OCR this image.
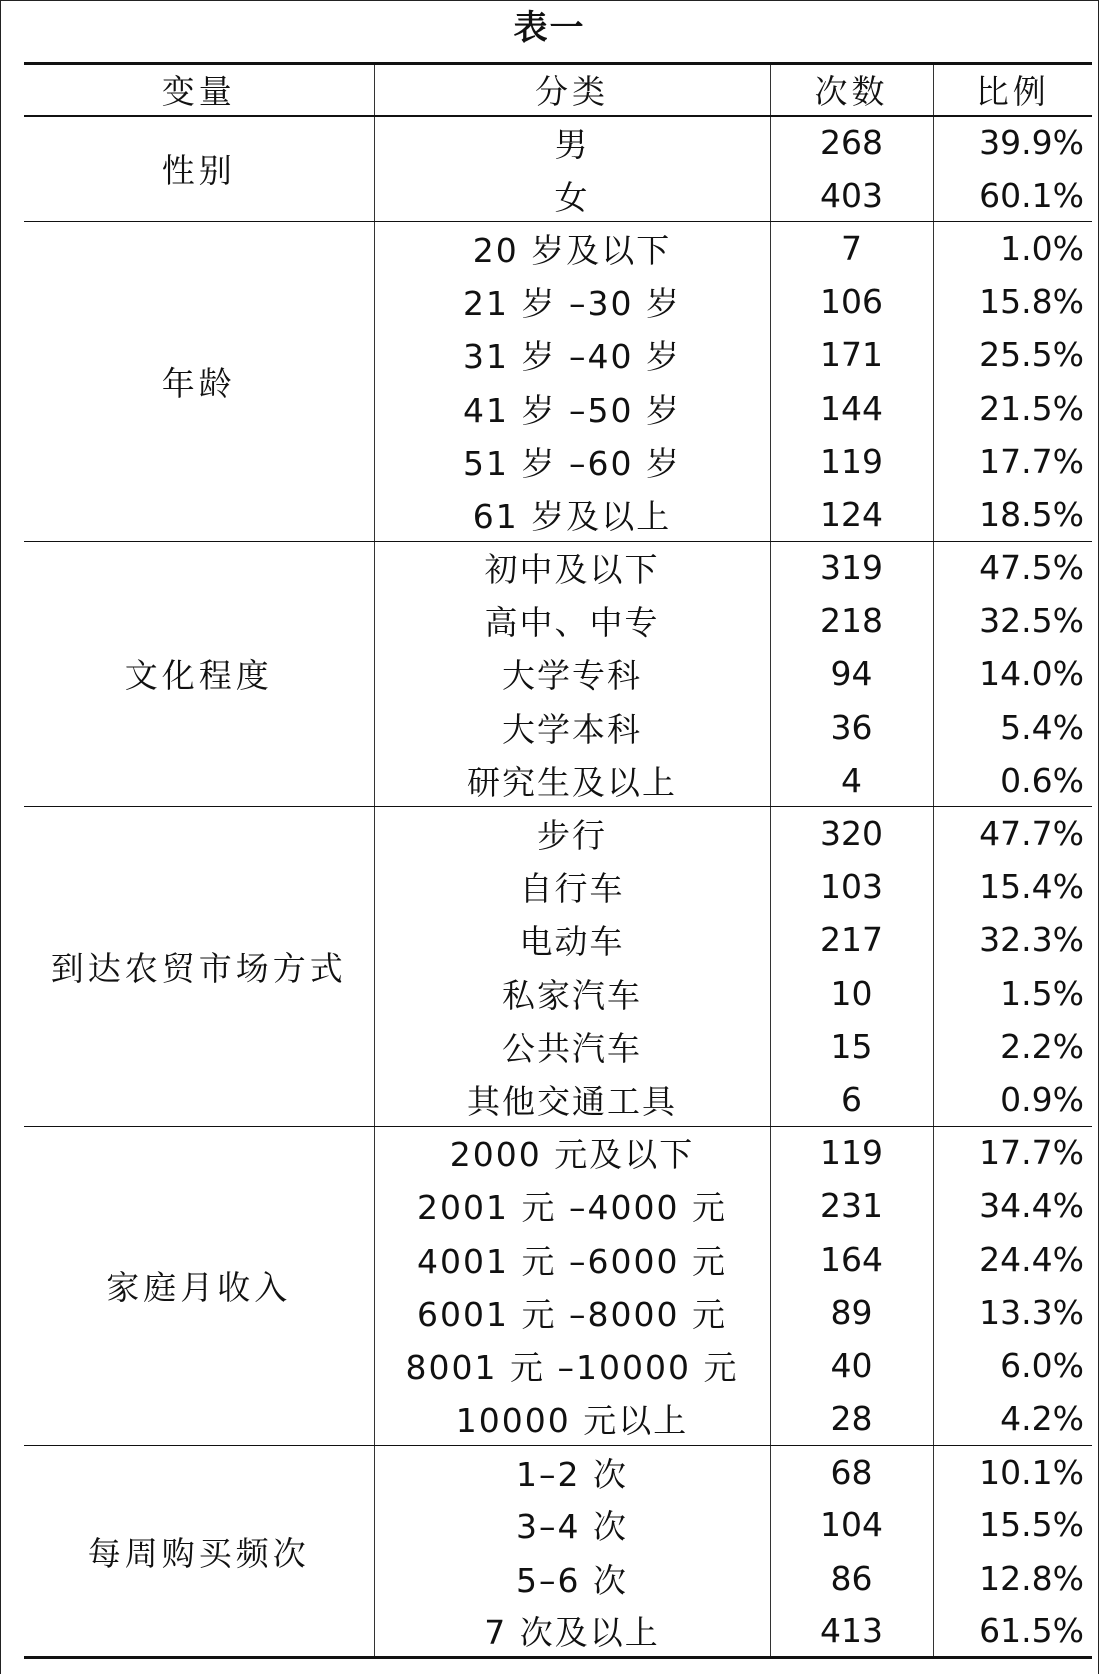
表一
变量	分类	次数	比例
性别	男	268	39.9%
	女	403	60.1%
年龄	20 岁及以下	7	1.0%
	21 岁 –30 岁	106	15.8%
	31 岁 –40 岁	171	25.5%
	41 岁 –50 岁	144	21.5%
	51 岁 –60 岁	119	17.7%
	61 岁及以上	124	18.5%
文化程度	初中及以下	319	47.5%
	高中、中专	218	32.5%
	大学专科	94	14.0%
	大学本科	36	5.4%
	研究生及以上	4	0.6%
到达农贸市场方式	步行	320	47.7%
	自行车	103	15.4%
	电动车	217	32.3%
	私家汽车	10	1.5%
	公共汽车	15	2.2%
	其他交通工具	6	0.9%
家庭月收入	2000 元及以下	119	17.7%
	2001 元 –4000 元	231	34.4%
	4001 元 –6000 元	164	24.4%
	6001 元 –8000 元	89	13.3%
	8001 元 –10000 元	40	6.0%
	10000 元以上	28	4.2%
每周购买频次	1–2 次	68	10.1%
	3–4 次	104	15.5%
	5–6 次	86	12.8%
	7 次及以上	413	61.5%
